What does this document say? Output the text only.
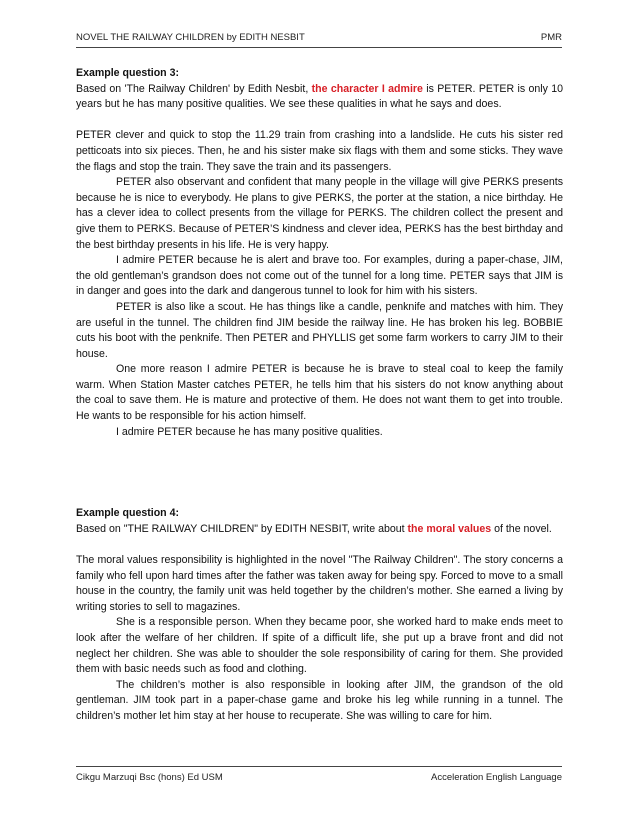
NOVEL THE RAILWAY CHILDREN by EDITH NESBIT	PMR

Example question 3:

Based on 'The Railway Children' by Edith Nesbit, the character I admire is PETER. PETER is only 10 years but he has many positive qualities. We see these qualities in what he says and does.

PETER clever and quick to stop the 11.29 train from crashing into a landslide. He cuts his sister red petticoats into six pieces. Then, he and his sister make six flags with them and some sticks. They wave the flags and stop the train. They save the train and its passengers.

PETER also observant and confident that many people in the village will give PERKS presents because he is nice to everybody. He plans to give PERKS, the porter at the station, a nice birthday. He has a clever idea to collect presents from the village for PERKS. The children collect the present and give them to PERKS. Because of PETER’S kindness and clever idea, PERKS has the best birthday and the best birthday presents in his life. He is very happy.

I admire PETER because he is alert and brave too. For examples, during a paper-chase, JIM, the old gentleman’s grandson does not come out of the tunnel for a long time. PETER says that JIM is in danger and goes into the dark and dangerous tunnel to look for him with his sisters.

PETER is also like a scout. He has things like a candle, penknife and matches with him. They are useful in the tunnel. The children find JIM beside the railway line. He has broken his leg. BOBBIE cuts his boot with the penknife. Then PETER and PHYLLIS get some farm workers to carry JIM to their house.

One more reason I admire PETER is because he is brave to steal coal to keep the family warm. When Station Master catches PETER, he tells him that his sisters do not know anything about the coal to save them. He is mature and protective of them. He does not want them to get into trouble. He wants to be responsible for his action himself.

I admire PETER because he has many positive qualities.

Example question 4:

Based on "THE RAILWAY CHILDREN" by EDITH NESBIT, write about the moral values of the novel.

The moral values responsibility is highlighted in the novel "The Railway Children". The story concerns a family who fell upon hard times after the father was taken away for being spy. Forced to move to a small house in the country, the family unit was held together by the children’s mother. She earned a living by writing stories to sell to magazines.

She is a responsible person. When they became poor, she worked hard to make ends meet to look after the welfare of her children. If spite of a difficult life, she put up a brave front and did not neglect her children. She was able to shoulder the sole responsibility of caring for them. She provided them with basic needs such as food and clothing.

The children’s mother is also responsible in looking after JIM, the grandson of the old gentleman. JIM took part in a paper-chase game and broke his leg while running in a tunnel. The children’s mother let him stay at her house to recuperate. She was willing to care for him.

Cikgu Marzuqi Bsc (hons) Ed USM	Acceleration English Language
